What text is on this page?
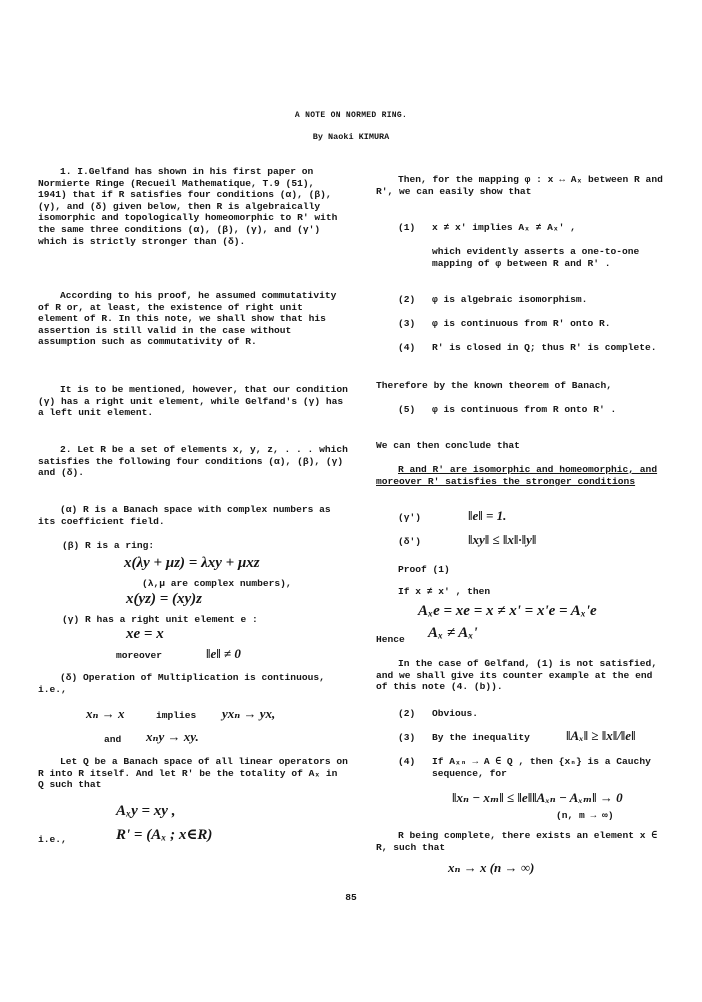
A NOTE ON NORMED RING.
By Naoki KIMURA
1. I.Gelfand has shown in his first paper on Normierte Ringe (Recueil Mathematique, T.9 (51), 1941) that if R satisfies four conditions (α), (β), (γ), and (δ) given below, then R is algebraically isomorphic and topologically homeomorphic to R' with the same three conditions (α), (β), (γ), and (γ') which is strictly stronger than (δ).
According to his proof, he assumed commutativity of R or, at least, the existence of right unit element of R. In this note, we shall show that his assertion is still valid in the case without assumption such as commutativity of R.
It is to be mentioned, however, that our condition (γ) has a right unit element, while Gelfand's (γ) has a left unit element.
2. Let R be a set of elements x, y, z, . . . which satisfies the following four conditions (α), (β), (γ) and (δ).
(α) R is a Banach space with complex numbers as its coefficient field.
(β) R is a ring:
x(λy + μz) = λxy + μxz
(λ,μ are complex numbers),
x(yz) = (xy)z
(γ) R has a right unit element e :
xe = x
moreover	‖e‖ ≠ 0
(δ) Operation of Multiplication is continuous, i.e.,
xₙ → x	implies yxₙ → yx,
and xₙy → xy.
Let Q be a Banach space of all linear operators on R into R itself. And let R' be the totality of Aₓ in Q such that
Aₓy = xy ,
i.e.,	R' = (Aₓ ; x∈R)
Then, for the mapping φ : x ↔ Aₓ between R and R', we can easily show that
(1) x ≠ x' implies Aₓ ≠ Aₓ' ,
which evidently asserts a one-to-one mapping of φ between R and R' .
(2) φ is algebraic isomorphism.
(3) φ is continuous from R' onto R.
(4) R' is closed in Q; thus R' is complete.
Therefore by the known theorem of Banach,
(5) φ is continuous from R onto R' .
We can then conclude that
R and R' are isomorphic and homeomorphic, and moreover R' satisfies the stronger conditions
(γ')	‖e‖ = 1.
(δ')	‖xy‖ ≤ ‖x‖·‖y‖
Proof (1)
If x ≠ x' , then
Aₓe = xe = x ≠ x' = x'e = Aₓ'e
Hence Aₓ ≠ Aₓ'
In the case of Gelfand, (1) is not satisfied, and we shall give its counter example at the end of this note (4. (b)).
(2) Obvious.
(3) By the inequality	‖Aₓ‖ ≥ ‖x‖/‖e‖
(4) If Aₓₙ → A ∈ Q , then {xₙ} is a Cauchy sequence, for
‖xₙ − xₘ‖ ≤ ‖e‖‖Aₓₙ − Aₓₘ‖ → 0
(n, m → ∞)
R being complete, there exists an element x ∈ R, such that
xₙ → x (n → ∞)
85
